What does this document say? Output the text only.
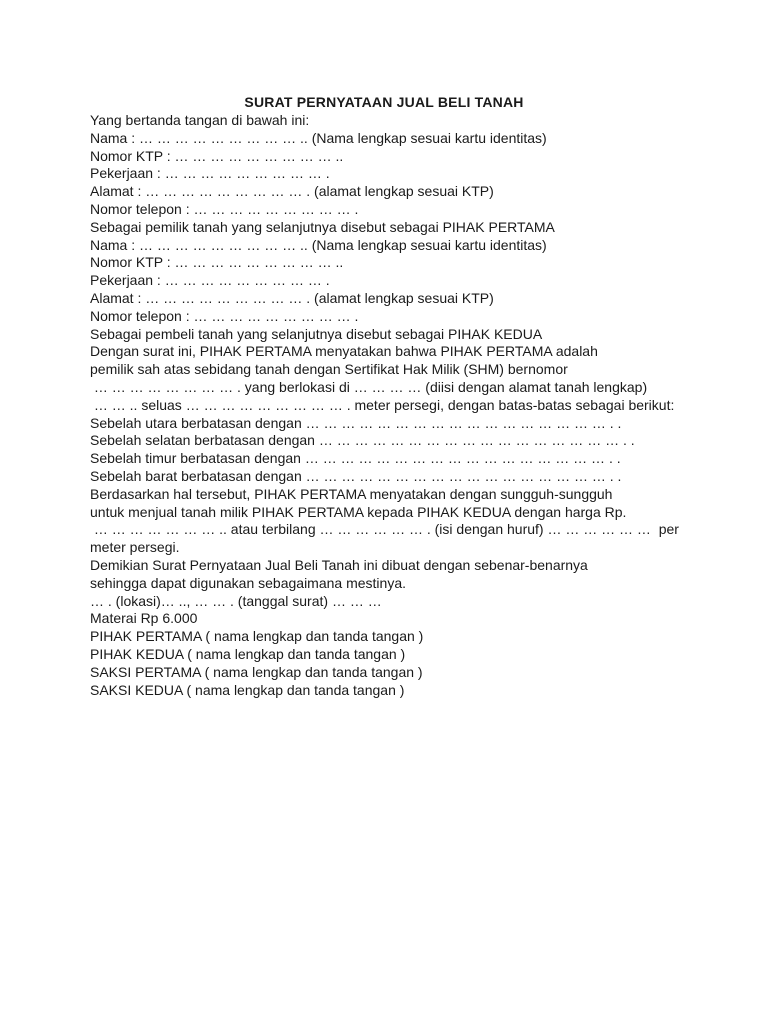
SURAT PERNYATAAN JUAL BELI TANAH
Yang bertanda tangan di bawah ini:
Nama : … … … … … … … … … .. (Nama lengkap sesuai kartu identitas)
Nomor KTP : … … … … … … … … … ..
Pekerjaan : … … … … … … … … … .
Alamat : … … … … … … … … … . (alamat lengkap sesuai KTP)
Nomor telepon : … … … … … … … … … .
Sebagai pemilik tanah yang selanjutnya disebut sebagai PIHAK PERTAMA
Nama : … … … … … … … … … .. (Nama lengkap sesuai kartu identitas)
Nomor KTP : … … … … … … … … … ..
Pekerjaan : … … … … … … … … … .
Alamat : … … … … … … … … … . (alamat lengkap sesuai KTP)
Nomor telepon : … … … … … … … … … .
Sebagai pembeli tanah yang selanjutnya disebut sebagai PIHAK KEDUA
Dengan surat ini, PIHAK PERTAMA menyatakan bahwa PIHAK PERTAMA adalah
pemilik sah atas sebidang tanah dengan Sertifikat Hak Milik (SHM) bernomor
… … … … … … … … . yang berlokasi di … … … … (diisi dengan alamat tanah lengkap)
… … .. seluas … … … … … … … … … . meter persegi, dengan batas-batas sebagai berikut:
Sebelah utara berbatasan dengan … … … … … … … … … … … … … … … … … . .
Sebelah selatan berbatasan dengan … … … … … … … … … … … … … … … … … . .
Sebelah timur berbatasan dengan … … … … … … … … … … … … … … … … … . .
Sebelah barat berbatasan dengan … … … … … … … … … … … … … … … … … . .
Berdasarkan hal tersebut, PIHAK PERTAMA menyatakan dengan sungguh-sungguh
untuk menjual tanah milik PIHAK PERTAMA kepada PIHAK KEDUA dengan harga Rp.
… … … … … … … .. atau terbilang … … … … … … . (isi dengan huruf) … … … … … …  per
meter persegi.
Demikian Surat Pernyataan Jual Beli Tanah ini dibuat dengan sebenar-benarnya
sehingga dapat digunakan sebagaimana mestinya.
… . (lokasi)… .., … … . (tanggal surat) … … …
Materai Rp 6.000
PIHAK PERTAMA ( nama lengkap dan tanda tangan )
PIHAK KEDUA ( nama lengkap dan tanda tangan )
SAKSI PERTAMA ( nama lengkap dan tanda tangan )
SAKSI KEDUA ( nama lengkap dan tanda tangan )
